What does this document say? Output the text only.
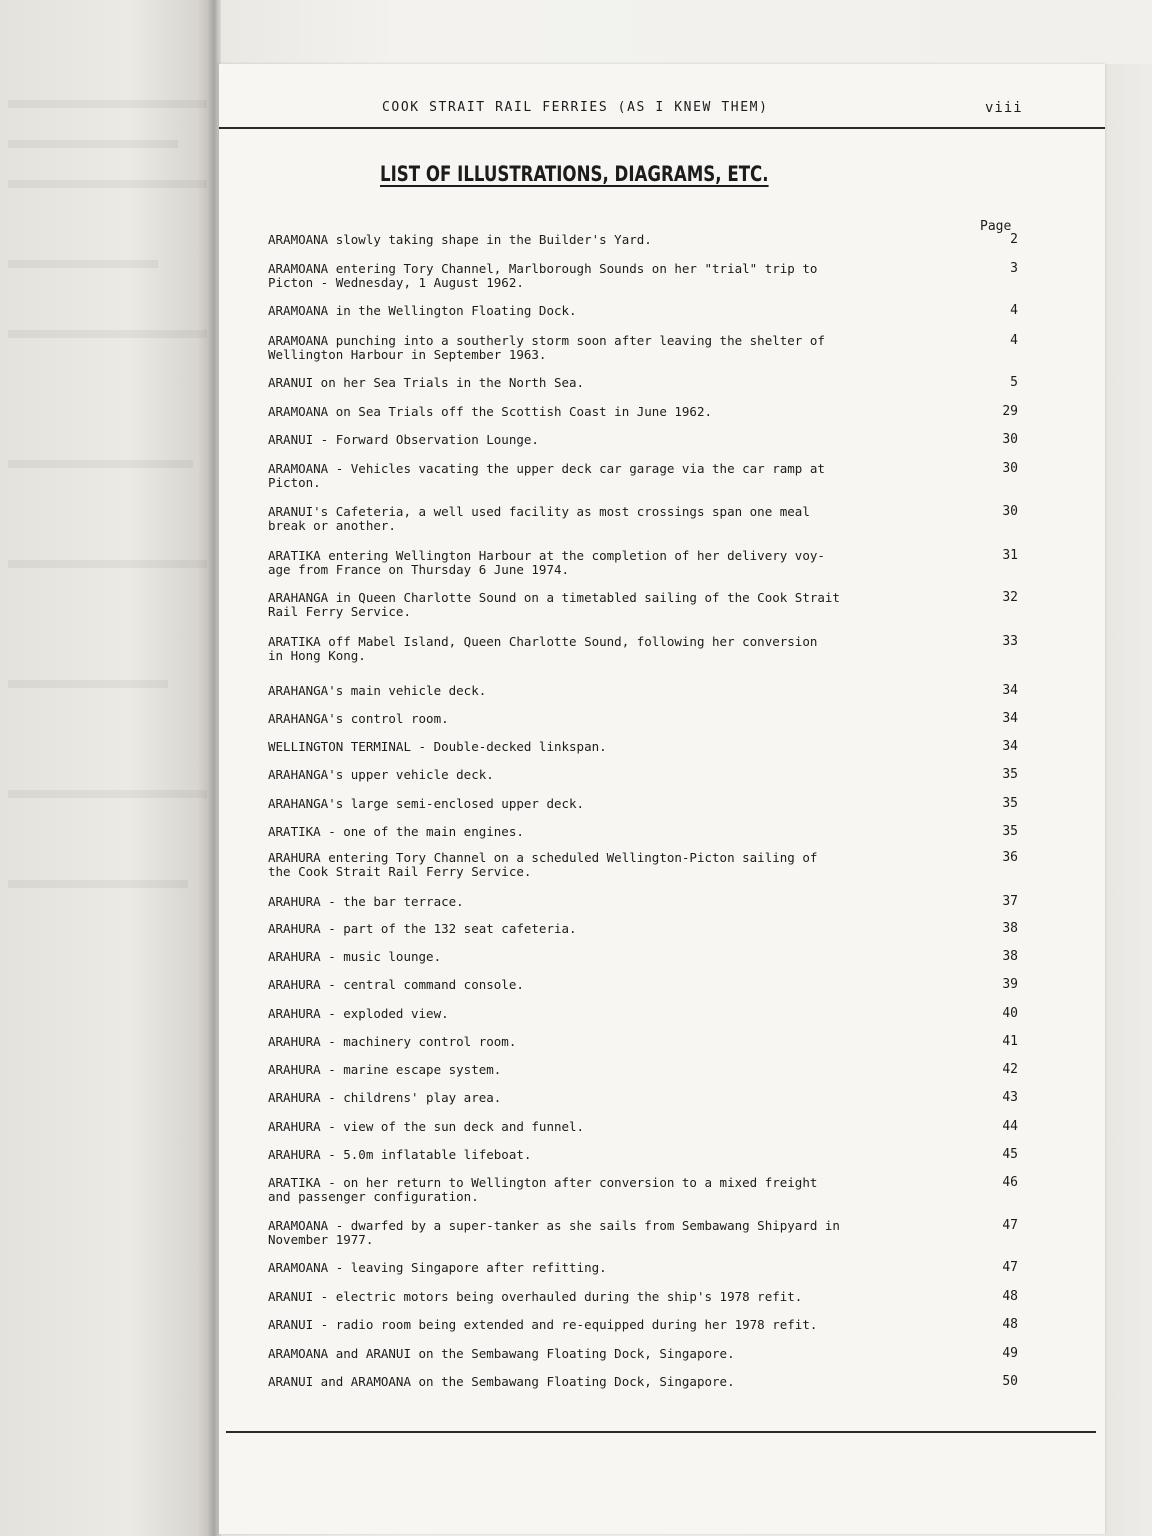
COOK STRAIT RAIL FERRIES (AS I KNEW THEM)	viii
LIST OF ILLUSTRATIONS, DIAGRAMS, ETC.
Page
ARAMOANA slowly taking shape in the Builder's Yard.	2
ARAMOANA entering Tory Channel, Marlborough Sounds on her "trial" trip to
Picton - Wednesday, 1 August 1962.
3
ARAMOANA in the Wellington Floating Dock.	4
ARAMOANA punching into a southerly storm soon after leaving the shelter of
Wellington Harbour in September 1963.
4
ARANUI on her Sea Trials in the North Sea.	5
ARAMOANA on Sea Trials off the Scottish Coast in June 1962.	29
ARANUI - Forward Observation Lounge.	30
ARAMOANA - Vehicles vacating the upper deck car garage via the car ramp at
Picton.
30
ARANUI's Cafeteria, a well used facility as most crossings span one meal
break or another.
30
ARATIKA entering Wellington Harbour at the completion of her delivery voy-
age from France on Thursday 6 June 1974.
31
ARAHANGA in Queen Charlotte Sound on a timetabled sailing of the Cook Strait
Rail Ferry Service.
32
ARATIKA off Mabel Island, Queen Charlotte Sound, following her conversion
in Hong Kong.
33
ARAHANGA's main vehicle deck.	34
ARAHANGA's control room.	34
WELLINGTON TERMINAL - Double-decked linkspan.	34
ARAHANGA's upper vehicle deck.	35
ARAHANGA's large semi-enclosed upper deck.	35
ARATIKA - one of the main engines.	35
ARAHURA entering Tory Channel on a scheduled Wellington-Picton sailing of
the Cook Strait Rail Ferry Service.
36
ARAHURA - the bar terrace.	37
ARAHURA - part of the 132 seat cafeteria.	38
ARAHURA - music lounge.	38
ARAHURA - central command console.	39
ARAHURA - exploded view.	40
ARAHURA - machinery control room.	41
ARAHURA - marine escape system.	42
ARAHURA - childrens' play area.	43
ARAHURA - view of the sun deck and funnel.	44
ARAHURA - 5.0m inflatable lifeboat.	45
ARATIKA - on her return to Wellington after conversion to a mixed freight
and passenger configuration.
46
ARAMOANA - dwarfed by a super-tanker as she sails from Sembawang Shipyard in
November 1977.
47
ARAMOANA - leaving Singapore after refitting.	47
ARANUI - electric motors being overhauled during the ship's 1978 refit.	48
ARANUI - radio room being extended and re-equipped during her 1978 refit.	48
ARAMOANA and ARANUI on the Sembawang Floating Dock, Singapore.	49
ARANUI and ARAMOANA on the Sembawang Floating Dock, Singapore.	50
